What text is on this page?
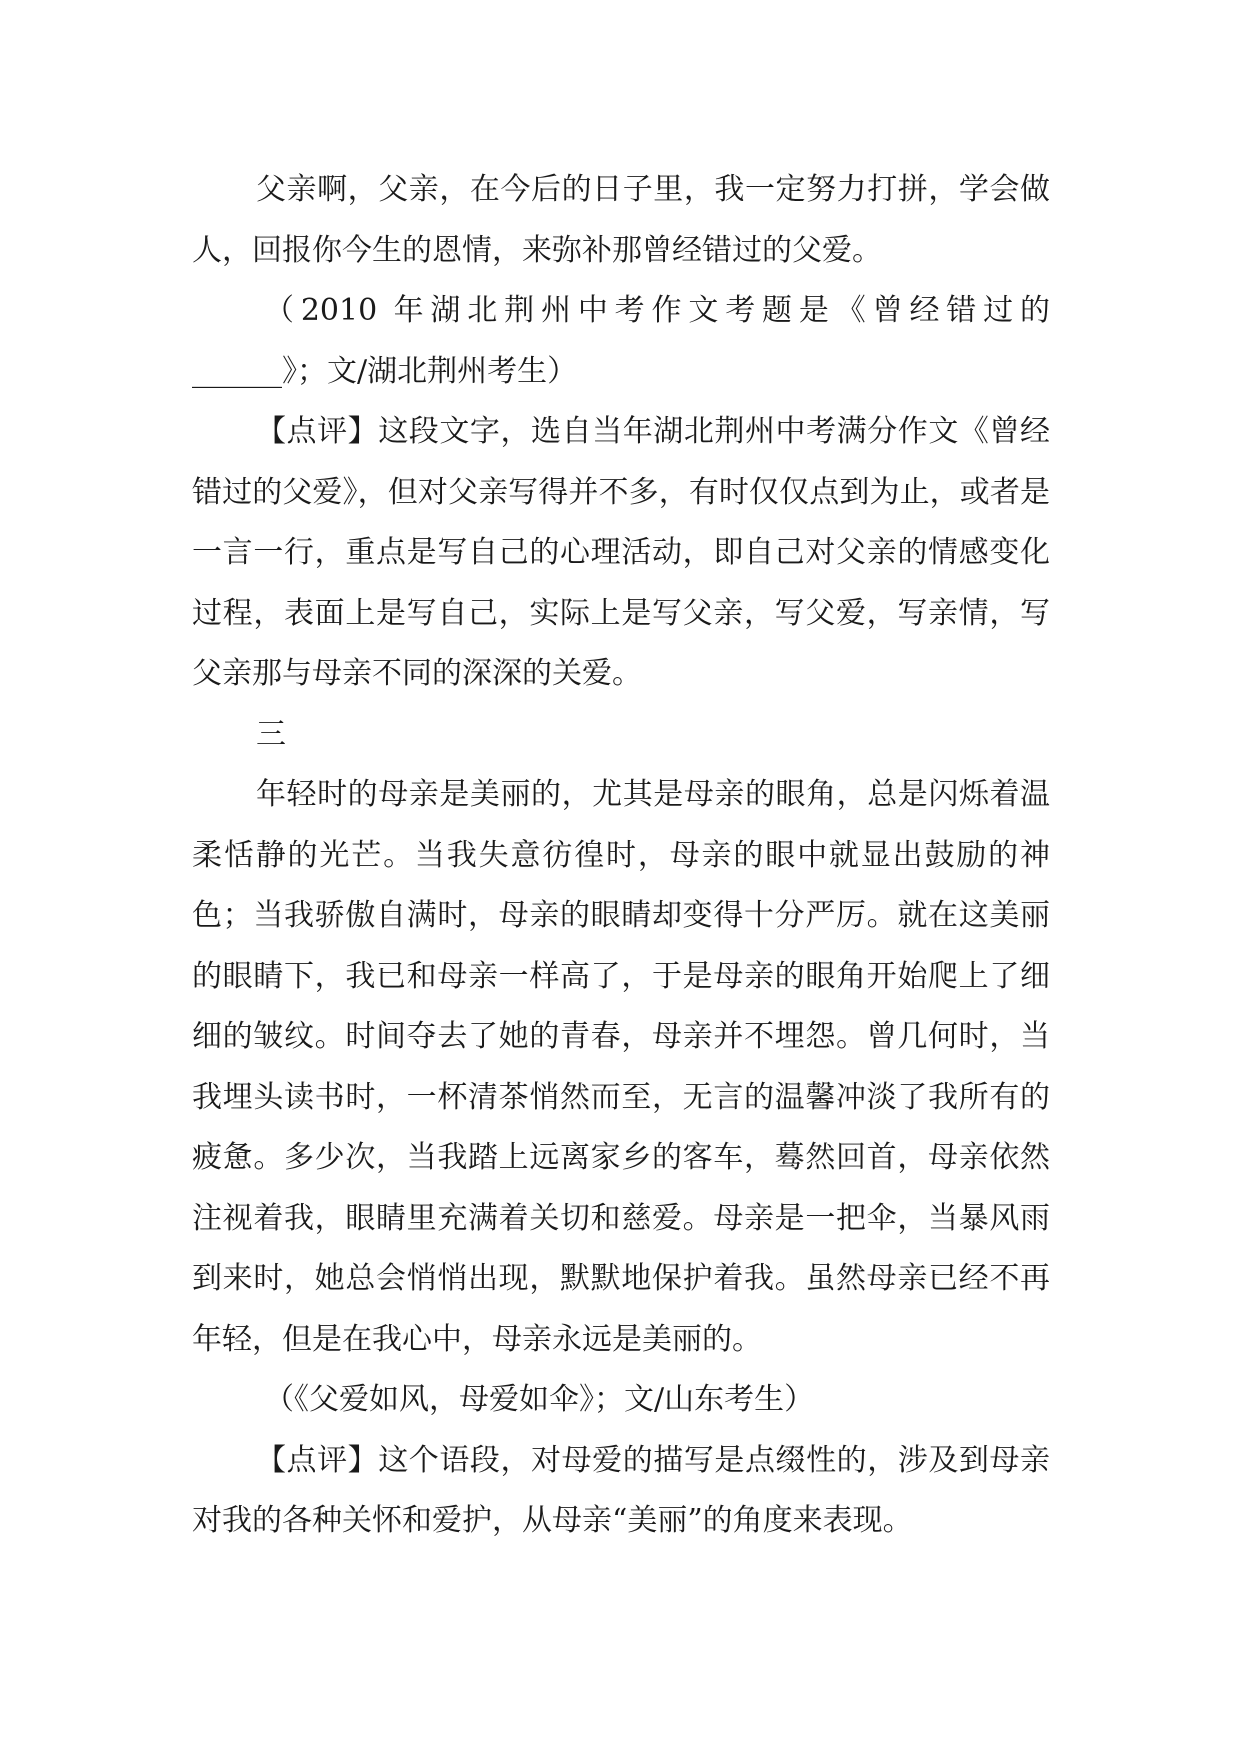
父亲啊，父亲，在今后的日子里，我一定努力打拼，学会做人，回报你今生的恩情，来弥补那曾经错过的父爱。

（2010 年湖北荆州中考作文考题是《曾经错过的______》；文/湖北荆州考生）

【点评】这段文字，选自当年湖北荆州中考满分作文《曾经错过的父爱》，但对父亲写得并不多，有时仅仅点到为止，或者是一言一行，重点是写自己的心理活动，即自己对父亲的情感变化过程，表面上是写自己，实际上是写父亲，写父爱，写亲情，写父亲那与母亲不同的深深的关爱。

三

年轻时的母亲是美丽的，尤其是母亲的眼角，总是闪烁着温柔恬静的光芒。当我失意彷徨时，母亲的眼中就显出鼓励的神色；当我骄傲自满时，母亲的眼睛却变得十分严厉。就在这美丽的眼睛下，我已和母亲一样高了，于是母亲的眼角开始爬上了细细的皱纹。时间夺去了她的青春，母亲并不埋怨。曾几何时，当我埋头读书时，一杯清茶悄然而至，无言的温馨冲淡了我所有的疲惫。多少次，当我踏上远离家乡的客车，蓦然回首，母亲依然注视着我，眼睛里充满着关切和慈爱。母亲是一把伞，当暴风雨到来时，她总会悄悄出现，默默地保护着我。虽然母亲已经不再年轻，但是在我心中，母亲永远是美丽的。

（《父爱如风，母爱如伞》；文/山东考生）

【点评】这个语段，对母爱的描写是点缀性的，涉及到母亲对我的各种关怀和爱护，从母亲“美丽”的角度来表现。
